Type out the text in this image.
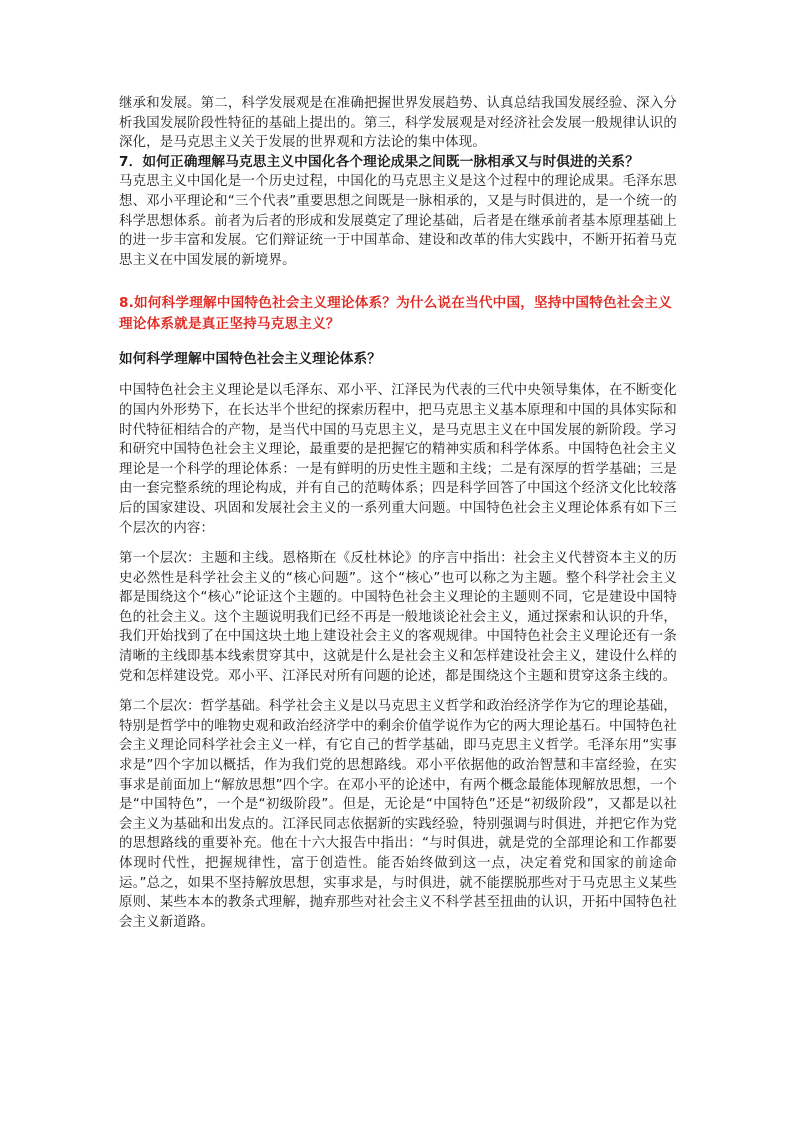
继承和发展。第二，科学发展观是在准确把握世界发展趋势、认真总结我国发展经验、深入分析我国发展阶段性特征的基础上提出的。第三，科学发展观是对经济社会发展一般规律认识的深化，是马克思主义关于发展的世界观和方法论的集中体现。

7．如何正确理解马克思主义中国化各个理论成果之间既一脉相承又与时俱进的关系？

马克思主义中国化是一个历史过程，中国化的马克思主义是这个过程中的理论成果。毛泽东思想、邓小平理论和“三个代表”重要思想之间既是一脉相承的，又是与时俱进的，是一个统一的科学思想体系。前者为后者的形成和发展奠定了理论基础，后者是在继承前者基本原理基础上的进一步丰富和发展。它们辩证统一于中国革命、建设和改革的伟大实践中，不断开拓着马克思主义在中国发展的新境界。

8.如何科学理解中国特色社会主义理论体系？为什么说在当代中国，坚持中国特色社会主义理论体系就是真正坚持马克思主义？

如何科学理解中国特色社会主义理论体系？

中国特色社会主义理论是以毛泽东、邓小平、江泽民为代表的三代中央领导集体，在不断变化的国内外形势下，在长达半个世纪的探索历程中，把马克思主义基本原理和中国的具体实际和时代特征相结合的产物，是当代中国的马克思主义，是马克思主义在中国发展的新阶段。学习和研究中国特色社会主义理论，最重要的是把握它的精神实质和科学体系。中国特色社会主义理论是一个科学的理论体系：一是有鲜明的历史性主题和主线；二是有深厚的哲学基础；三是由一套完整系统的理论构成，并有自己的范畴体系；四是科学回答了中国这个经济文化比较落后的国家建设、巩固和发展社会主义的一系列重大问题。中国特色社会主义理论体系有如下三个层次的内容：

第一个层次：主题和主线。恩格斯在《反杜林论》的序言中指出：社会主义代替资本主义的历史必然性是科学社会主义的“核心问题”。这个“核心”也可以称之为主题。整个科学社会主义都是围绕这个“核心”论证这个主题的。中国特色社会主义理论的主题则不同，它是建设中国特色的社会主义。这个主题说明我们已经不再是一般地谈论社会主义，通过探索和认识的升华，我们开始找到了在中国这块土地上建设社会主义的客观规律。中国特色社会主义理论还有一条清晰的主线即基本线索贯穿其中，这就是什么是社会主义和怎样建设社会主义，建设什么样的党和怎样建设党。邓小平、江泽民对所有问题的论述，都是围绕这个主题和贯穿这条主线的。

第二个层次：哲学基础。科学社会主义是以马克思主义哲学和政治经济学作为它的理论基础，特别是哲学中的唯物史观和政治经济学中的剩余价值学说作为它的两大理论基石。中国特色社会主义理论同科学社会主义一样，有它自己的哲学基础，即马克思主义哲学。毛泽东用“实事求是”四个字加以概括，作为我们党的思想路线。邓小平依据他的政治智慧和丰富经验，在实事求是前面加上“解放思想”四个字。在邓小平的论述中，有两个概念最能体现解放思想，一个是“中国特色”，一个是“初级阶段”。但是，无论是“中国特色”还是“初级阶段”，又都是以社会主义为基础和出发点的。江泽民同志依据新的实践经验，特别强调与时俱进，并把它作为党的思想路线的重要补充。他在十六大报告中指出：“与时俱进，就是党的全部理论和工作都要体现时代性，把握规律性，富于创造性。能否始终做到这一点，决定着党和国家的前途命运。”总之，如果不坚持解放思想，实事求是，与时俱进，就不能摆脱那些对于马克思主义某些原则、某些本本的教条式理解，抛弃那些对社会主义不科学甚至扭曲的认识，开拓中国特色社会主义新道路。
